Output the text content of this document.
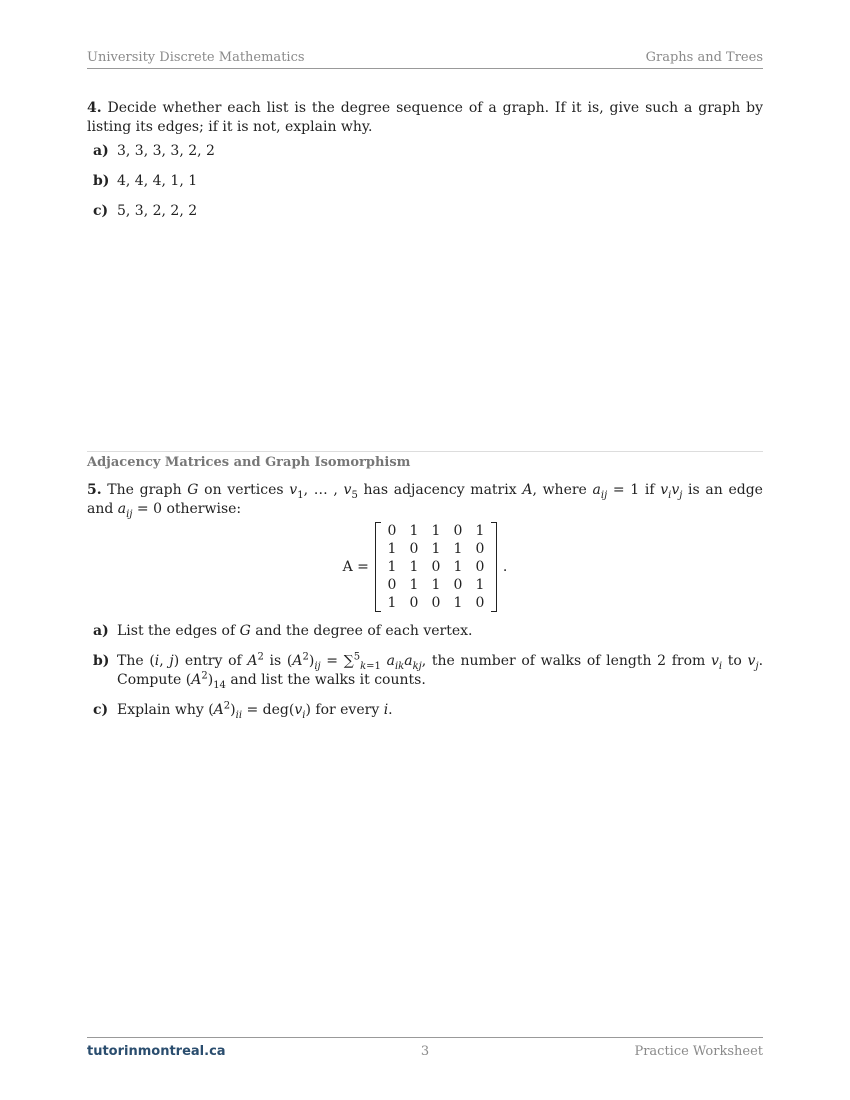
University Discrete Mathematics	Graphs and Trees

4. Decide whether each list is the degree sequence of a graph. If it is, give such a graph by listing its edges; if it is not, explain why.

a) 3, 3, 3, 3, 2, 2
b) 4, 4, 4, 1, 1
c) 5, 3, 2, 2, 2
Adjacency Matrices and Graph Isomorphism

5. The graph G on vertices $v_1$, … , $v_5$ has adjacency matrix A, where $a_{ij} = 1$ if $v_iv_j$ is an edge and $a_{ij} = 0$ otherwise:

A =
0 1 1 0 1
1 0 1 1 0
1 1 0 1 0
0 1 1 0 1
1 0 0 1 0
.
a) List the edges of G and the degree of each vertex.
b) The (i, j) entry of $A^2$ is $(A^2)_{ij} = \sum^5_{k=1}$ $a_{ik}a_{kj}$, the number of walks of length 2 from $v_i$ to $v_j$. Compute $(A^2)_{14}$ and list the walks it counts.
c) Explain why $(A^2)_{ii} = deg(v_i)$ for every i.
tutorinmontreal.ca	3	Practice Worksheet
